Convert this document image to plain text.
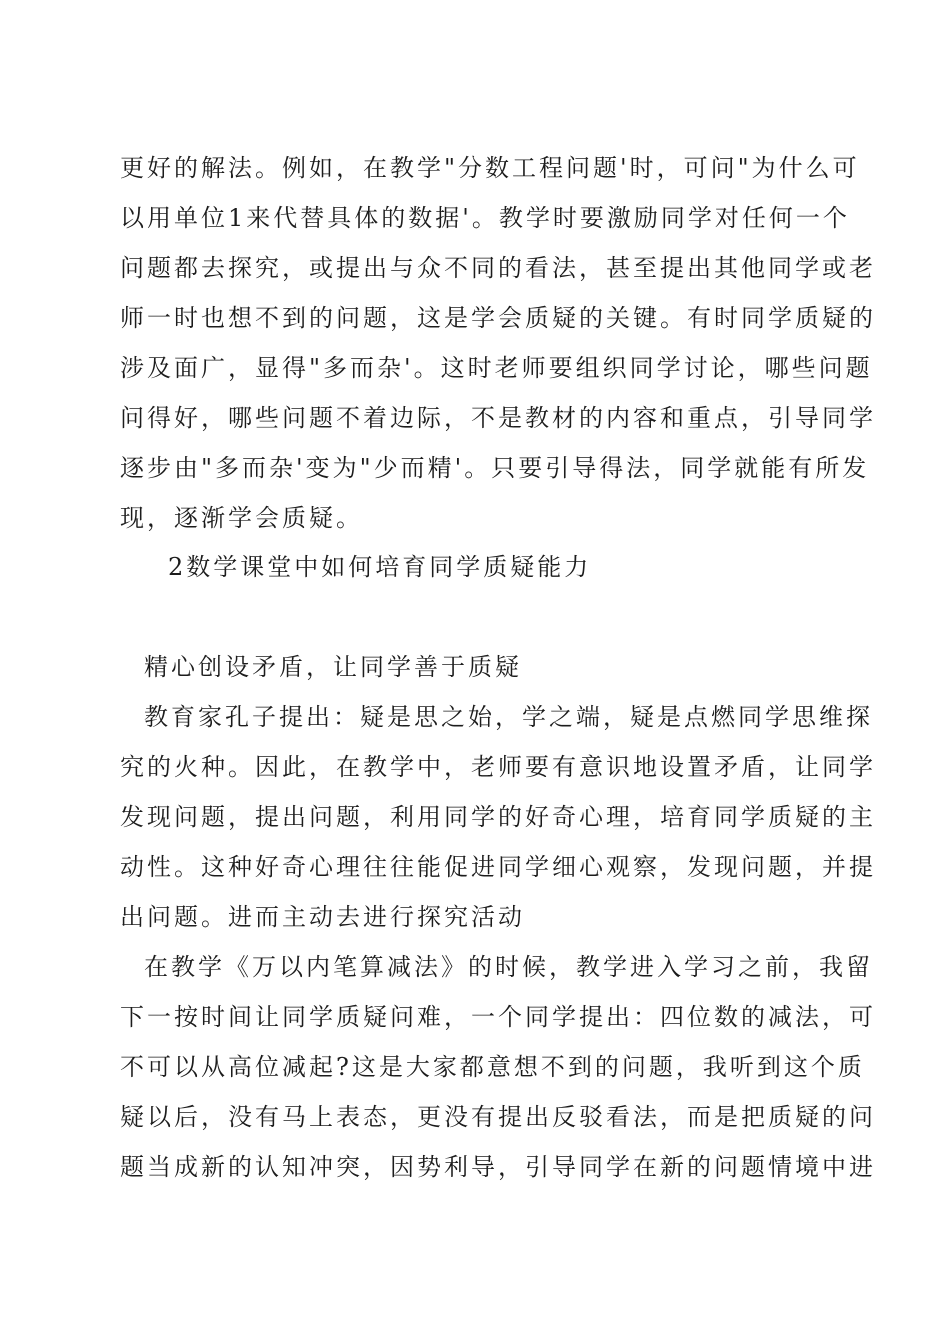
更好的解法。例如，在教学"分数工程问题'时，可问"为什么可

以用单位1来代替具体的数据'。教学时要激励同学对任何一个

问题都去探究，或提出与众不同的看法，甚至提出其他同学或老

师一时也想不到的问题，这是学会质疑的关键。有时同学质疑的

涉及面广，显得"多而杂'。这时老师要组织同学讨论，哪些问题

问得好，哪些问题不着边际，不是教材的内容和重点，引导同学

逐步由"多而杂'变为"少而精'。只要引导得法，同学就能有所发

现，逐渐学会质疑。

2数学课堂中如何培育同学质疑能力

精心创设矛盾，让同学善于质疑

教育家孔子提出：疑是思之始，学之端，疑是点燃同学思维探

究的火种。因此，在教学中，老师要有意识地设置矛盾，让同学

发现问题，提出问题，利用同学的好奇心理，培育同学质疑的主

动性。这种好奇心理往往能促进同学细心观察，发现问题，并提

出问题。进而主动去进行探究活动

在教学《万以内笔算减法》的时候，教学进入学习之前，我留

下一按时间让同学质疑问难，一个同学提出：四位数的减法，可

不可以从高位减起?这是大家都意想不到的问题，我听到这个质

疑以后，没有马上表态，更没有提出反驳看法，而是把质疑的问

题当成新的认知冲突，因势利导，引导同学在新的问题情境中进
